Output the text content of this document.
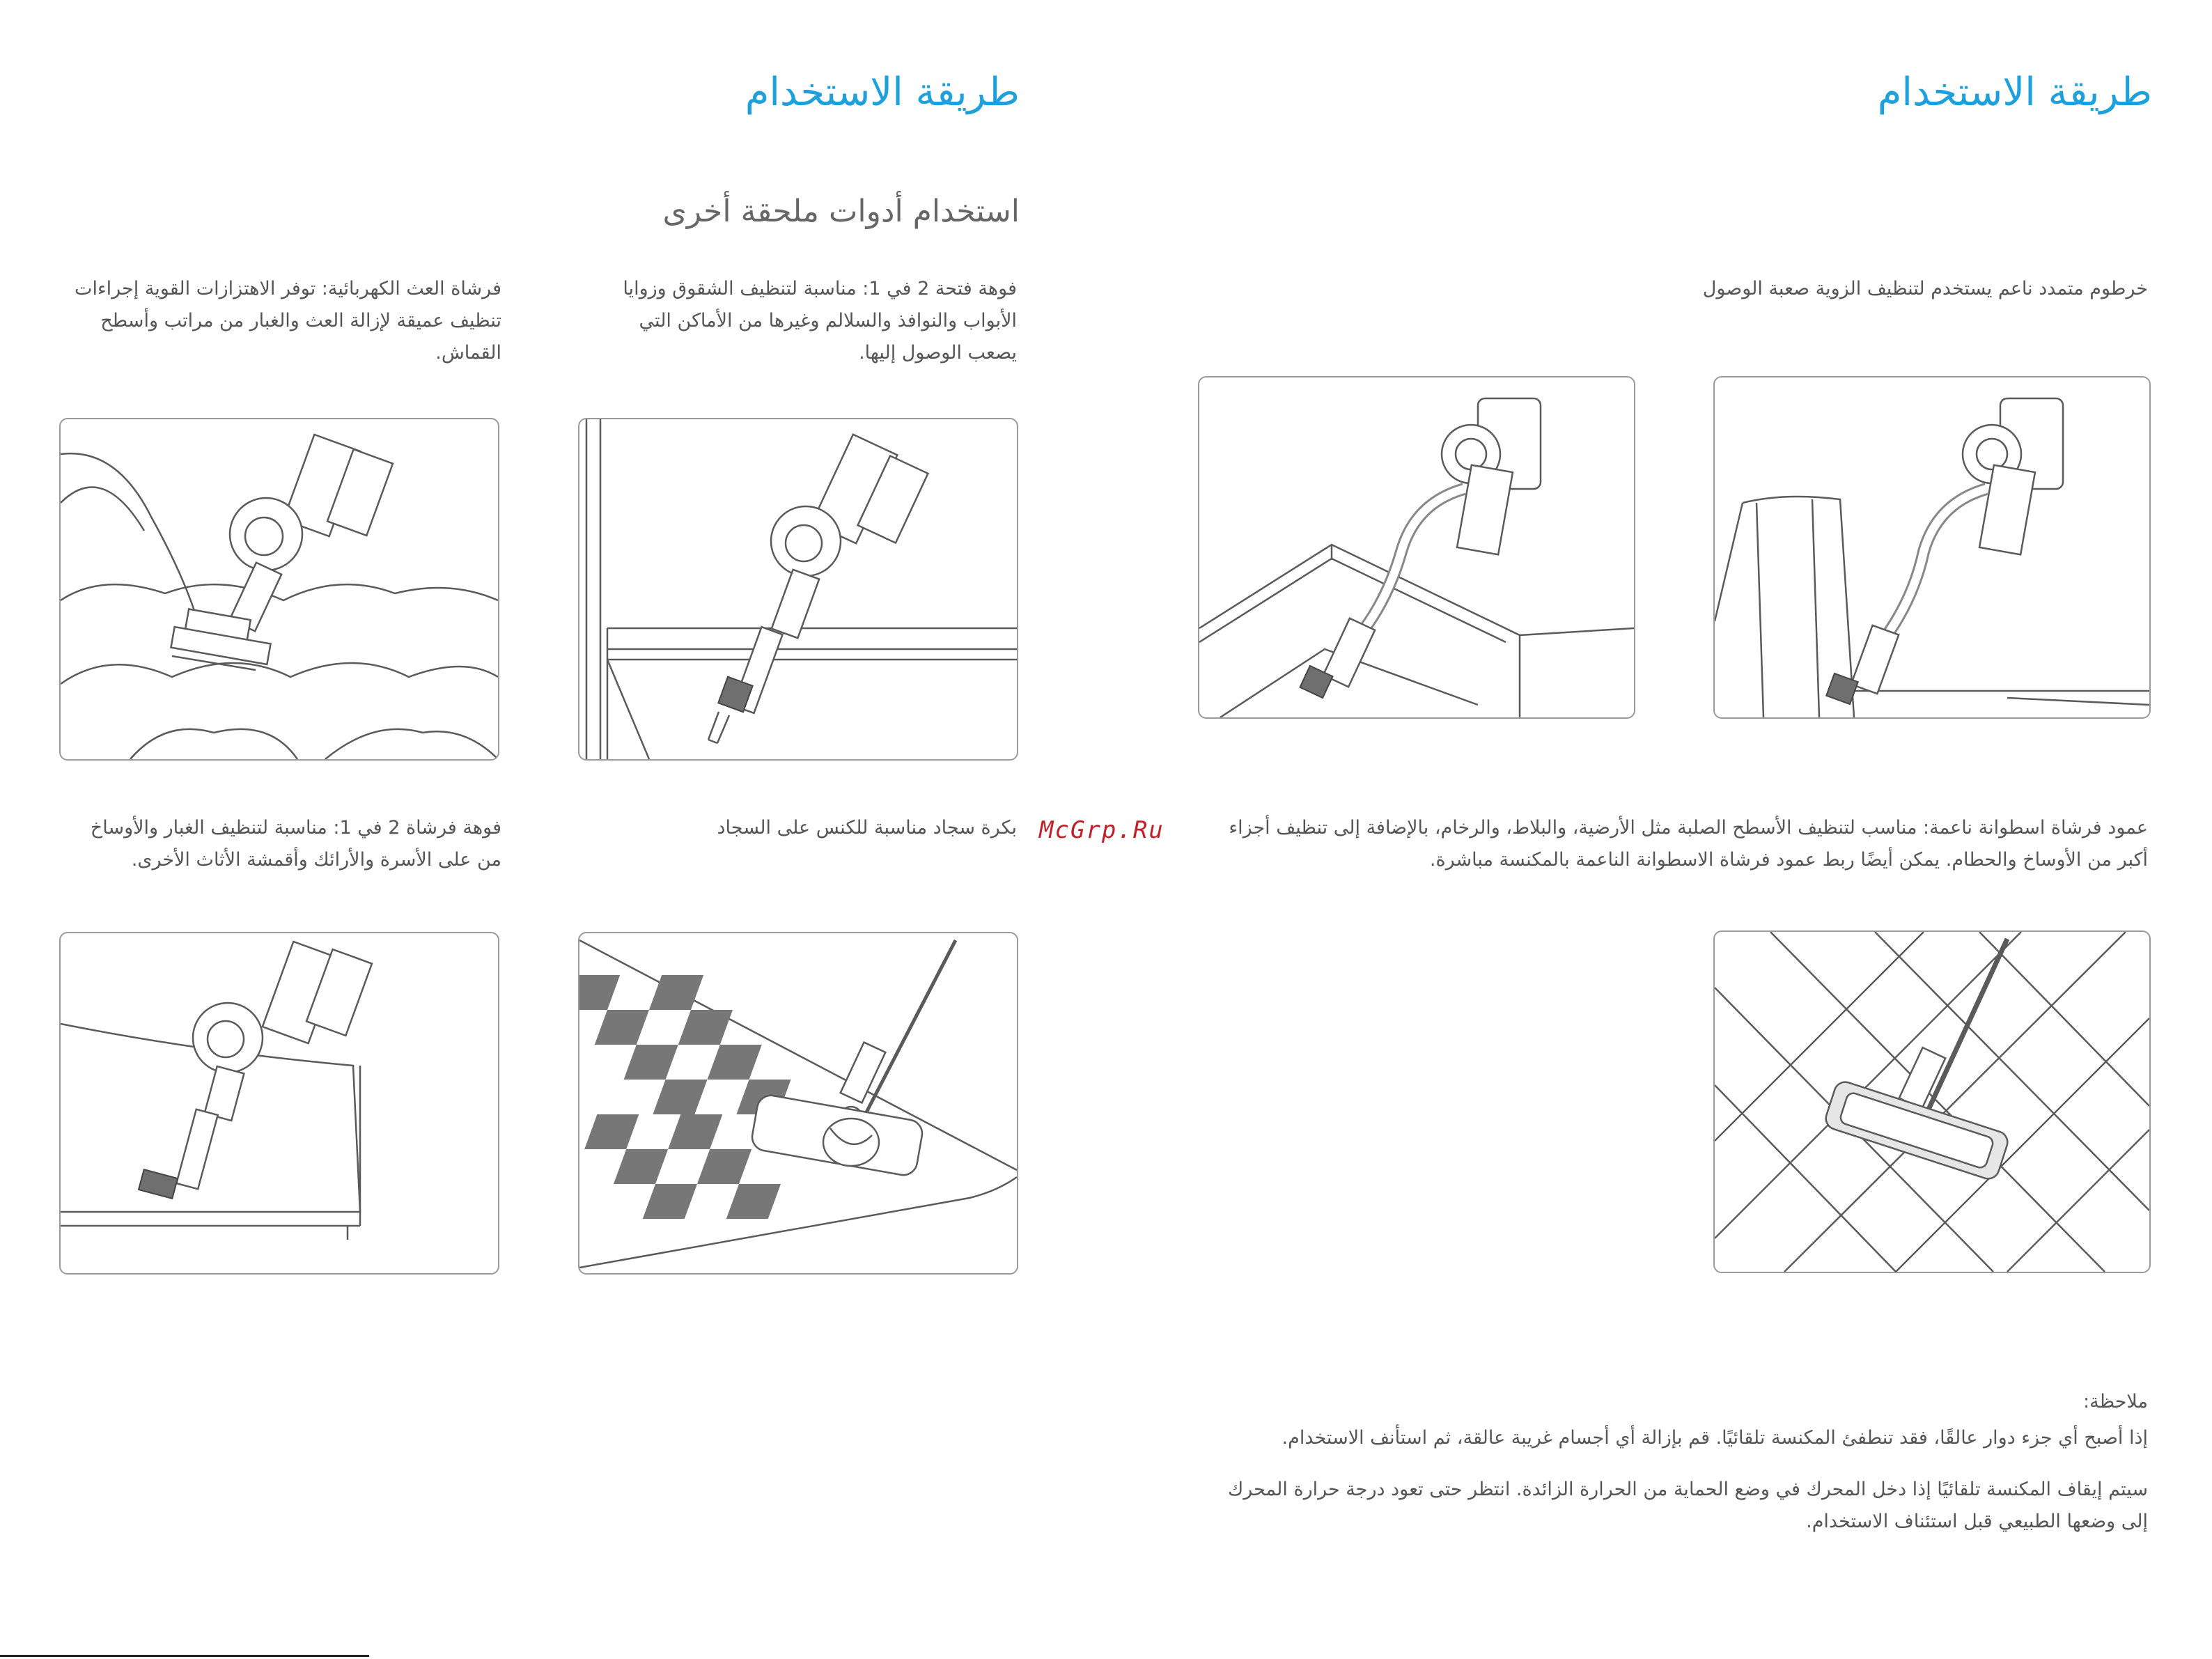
طريقة الاستخدام
استخدام أدوات ملحقة أخرى
فوهة فتحة 2 في 1: مناسبة لتنظيف الشقوق وزوايا الأبواب والنوافذ والسلالم وغيرها من الأماكن التي يصعب الوصول إليها.
فرشاة العث الكهربائية: توفر الاهتزازات القوية إجراءات تنظيف عميقة لإزالة العث والغبار من مراتب وأسطح القماش.
بكرة سجاد مناسبة للكنس على السجاد
فوهة فرشاة 2 في 1: مناسبة لتنظيف الغبار والأوساخ من على الأسرة والأرائك وأقمشة الأثاث الأخرى.
McGrp.Ru
طريقة الاستخدام
خرطوم متمدد ناعم يستخدم لتنظيف الزوية صعبة الوصول
عمود فرشاة اسطوانة ناعمة: مناسب لتنظيف الأسطح الصلبة مثل الأرضية، والبلاط، والرخام، بالإضافة إلى تنظيف أجزاء أكبر من الأوساخ والحطام. يمكن أيضًا ربط عمود فرشاة الاسطوانة الناعمة بالمكنسة مباشرة.
ملاحظة:
إذا أصبح أي جزء دوار عالقًا، فقد تنطفئ المكنسة تلقائيًا. قم بإزالة أي أجسام غريبة عالقة، ثم استأنف الاستخدام.
سيتم إيقاف المكنسة تلقائيًا إذا دخل المحرك في وضع الحماية من الحرارة الزائدة. انتظر حتى تعود درجة حرارة المحرك إلى وضعها الطبيعي قبل استئناف الاستخدام.
